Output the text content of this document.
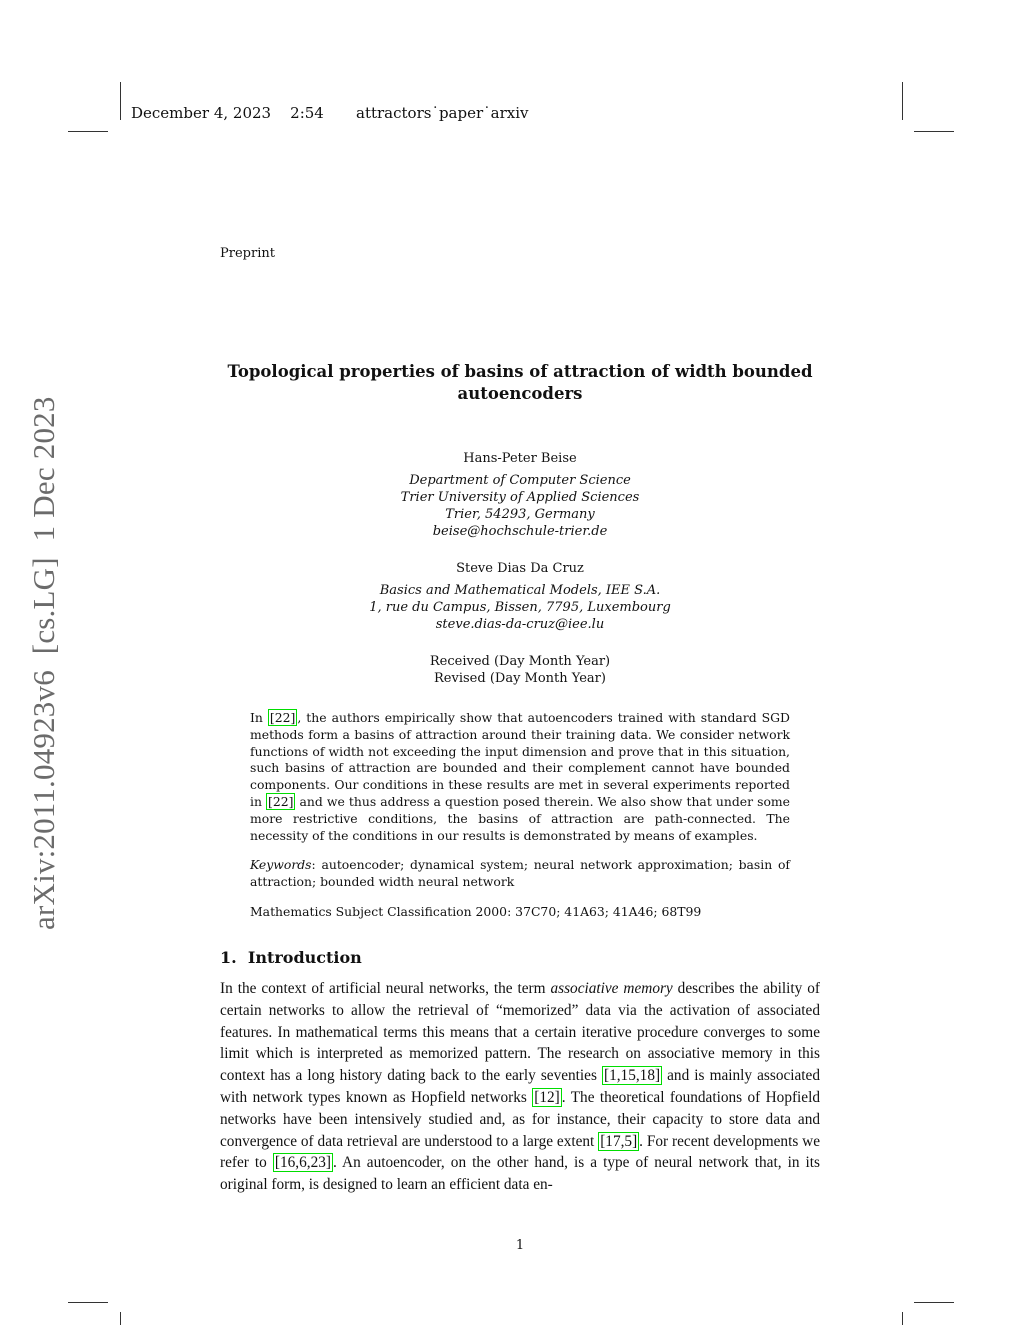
December 4, 2023    2:54 attractors˙paper˙arxiv
Preprint
arXiv:2011.04923v6  [cs.LG]  1 Dec 2023
Topological properties of basins of attraction of width bounded
autoencoders
Hans-Peter Beise
Department of Computer Science
Trier University of Applied Sciences
Trier, 54293, Germany
beise@hochschule-trier.de
Steve Dias Da Cruz
Basics and Mathematical Models, IEE S.A.
1, rue du Campus, Bissen, 7795, Luxembourg
steve.dias-da-cruz@iee.lu
Received (Day Month Year)
Revised (Day Month Year)

In [22] , the authors empirically show that autoencoders trained with standard SGD methods form a basins of attraction around their training data. We consider network functions of width not exceeding the input dimension and prove that in this situation, such basins of attraction are bounded and their complement cannot have bounded components. Our conditions in these results are met in several experiments reported in [22] and we thus address a question posed therein. We also show that under some more restrictive conditions, the basins of attraction are path-connected. The necessity of the conditions in our results is demonstrated by means of examples.

Keywords: autoencoder; dynamical system; neural network approximation; basin of attraction; bounded width neural network

Mathematics Subject Classification 2000: 37C70; 41A63; 41A46; 68T99

1. Introduction

In the context of artificial neural networks, the term associative memory describes the ability of certain networks to allow the retrieval of “memorized” data via the activation of associated features. In mathematical terms this means that a certain iterative procedure converges to some limit which is interpreted as memorized pattern. The research on associative memory in this context has a long history dating back to the early seventies [1,15,18] and is mainly associated with network types known as Hopfield networks [12] . The theoretical foundations of Hopfield networks have been intensively studied and, as for instance, their capacity to store data and convergence of data retrieval are understood to a large extent [17,5] . For recent developments we refer to [16,6,23] . An autoencoder, on the other hand, is a type of neural network that, in its original form, is designed to learn an efficient data en-

1
